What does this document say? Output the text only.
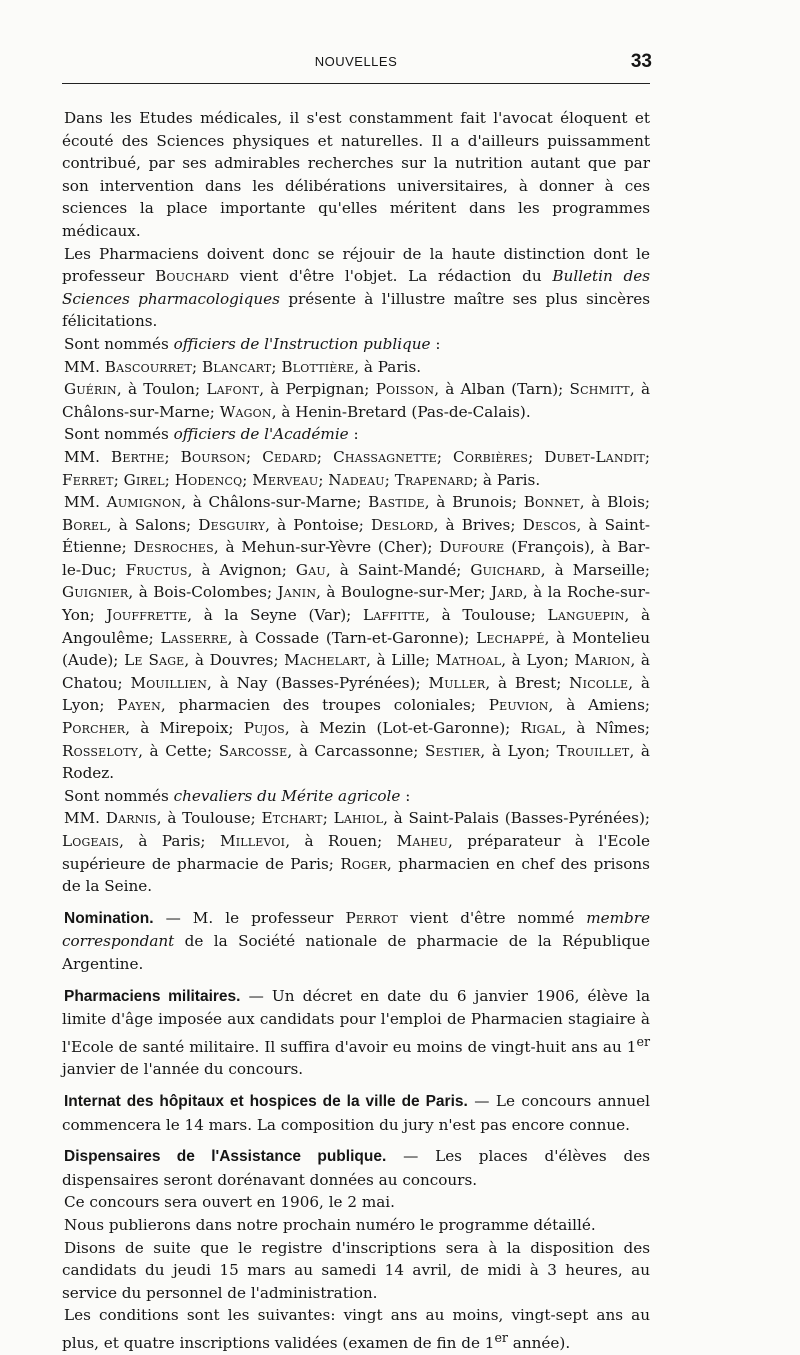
NOUVELLES	33

Dans les Etudes médicales, il s'est constamment fait l'avocat éloquent et écouté des Sciences physiques et naturelles. Il a d'ailleurs puissamment contribué, par ses admirables recherches sur la nutrition autant que par son intervention dans les délibérations universitaires, à donner à ces sciences la place importante qu'elles méritent dans les programmes médicaux.

Les Pharmaciens doivent donc se réjouir de la haute distinction dont le professeur Bouchard vient d'être l'objet. La rédaction du Bulletin des Sciences pharmacologiques présente à l'illustre maître ses plus sincères félicitations.

Sont nommés officiers de l'Instruction publique :

MM. Bascourret; Blancart; Blottière, à Paris.

Guérin, à Toulon; Lafont, à Perpignan; Poisson, à Alban (Tarn); Schmitt, à Châlons-sur-Marne; Wagon, à Henin-Bretard (Pas-de-Calais).

Sont nommés officiers de l'Académie :

MM. Berthe; Bourson; Cedard; Chassagnette; Corbières; Dubet-Landit; Ferret; Girel; Hodencq; Merveau; Nadeau; Trapenard; à Paris.

MM. Aumignon, à Châlons-sur-Marne; Bastide, à Brunois; Bonnet, à Blois; Borel, à Salons; Desguiry, à Pontoise; Deslord, à Brives; Descos, à Saint-Étienne; Desroches, à Mehun-sur-Yèvre (Cher); Dufoure (François), à Bar-le-Duc; Fructus, à Avignon; Gau, à Saint-Mandé; Guichard, à Marseille; Guignier, à Bois-Colombes; Janin, à Boulogne-sur-Mer; Jard, à la Roche-sur-Yon; Jouffrette, à la Seyne (Var); Laffitte, à Toulouse; Languepin, à Angoulême; Lasserre, à Cossade (Tarn-et-Garonne); Lechappé, à Montelieu (Aude); Le Sage, à Douvres; Machelart, à Lille; Mathoal, à Lyon; Marion, à Chatou; Mouillien, à Nay (Basses-Pyrénées); Muller, à Brest; Nicolle, à Lyon; Payen, pharmacien des troupes coloniales; Peuvion, à Amiens; Porcher, à Mirepoix; Pujos, à Mezin (Lot-et-Garonne); Rigal, à Nîmes; Rosseloty, à Cette; Sarcosse, à Carcassonne; Sestier, à Lyon; Trouillet, à Rodez.

Sont nommés chevaliers du Mérite agricole :

MM. Darnis, à Toulouse; Etchart; Lahiol, à Saint-Palais (Basses-Pyrénées); Logeais, à Paris; Millevoi, à Rouen; Maheu, préparateur à l'Ecole supérieure de pharmacie de Paris; Roger, pharmacien en chef des prisons de la Seine.

Nomination. — M. le professeur Perrot vient d'être nommé membre correspondant de la Société nationale de pharmacie de la République Argentine.

Pharmaciens militaires. — Un décret en date du 6 janvier 1906, élève la limite d'âge imposée aux candidats pour l'emploi de Pharmacien stagiaire à l'Ecole de santé militaire. Il suffira d'avoir eu moins de vingt-huit ans au 1er janvier de l'année du concours.

Internat des hôpitaux et hospices de la ville de Paris. — Le concours annuel commencera le 14 mars. La composition du jury n'est pas encore connue.

Dispensaires de l'Assistance publique. — Les places d'élèves des dispensaires seront dorénavant données au concours.

Ce concours sera ouvert en 1906, le 2 mai.

Nous publierons dans notre prochain numéro le programme détaillé.

Disons de suite que le registre d'inscriptions sera à la disposition des candidats du jeudi 15 mars au samedi 14 avril, de midi à 3 heures, au service du personnel de l'administration.

Les conditions sont les suivantes: vingt ans au moins, vingt-sept ans au plus, et quatre inscriptions validées (examen de fin de 1er année).
